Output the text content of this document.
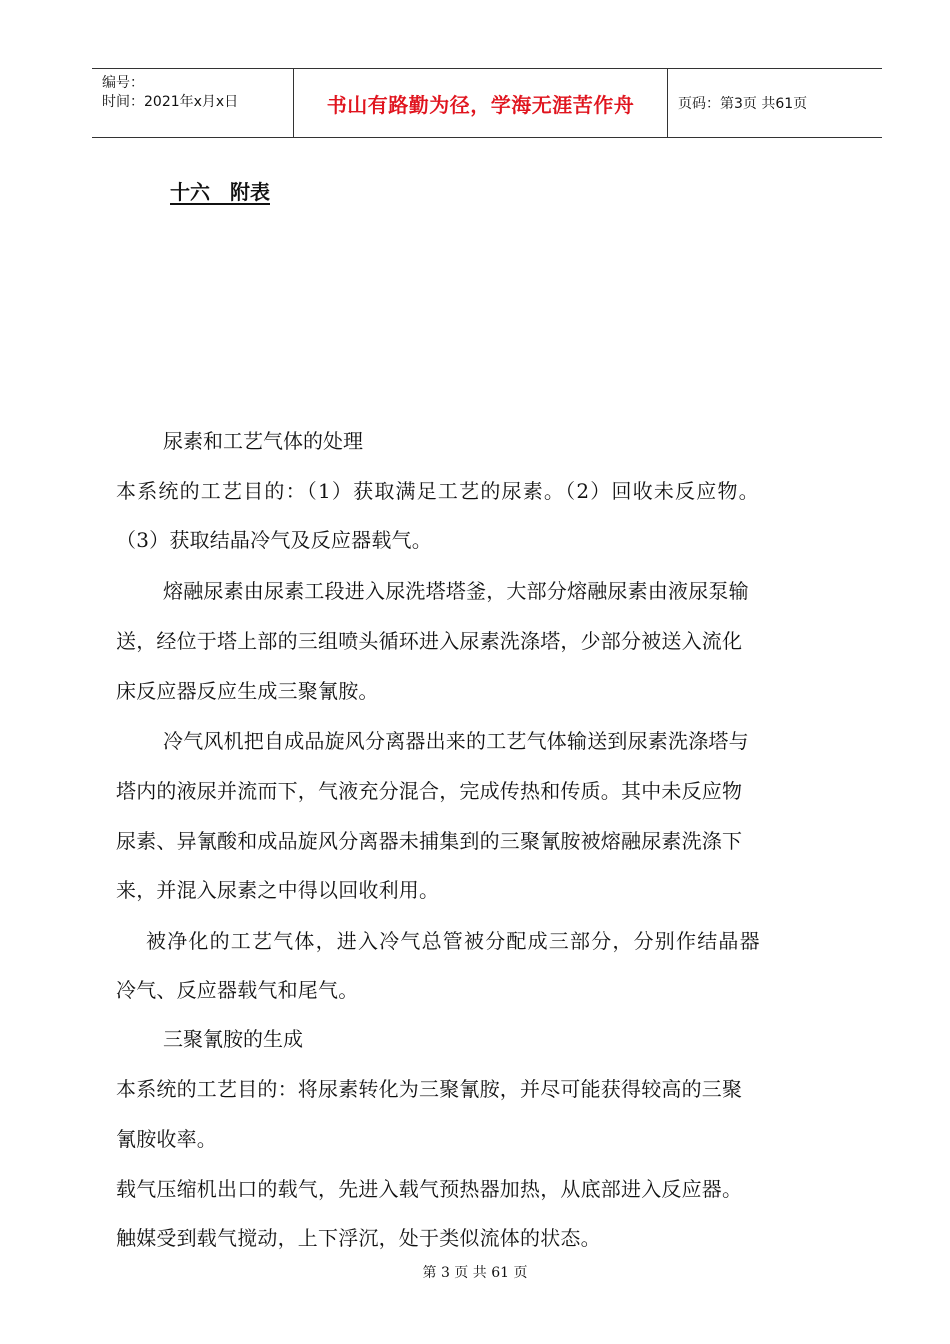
编号：
时间：2021年x月x日	书山有路勤为径，学海无涯苦作舟	页码：第3页 共61页
十六　附表
尿素和工艺气体的处理
本系统的工艺目的：（1）获取满足工艺的尿素。（2）回收未反应物。
（3）获取结晶冷气及反应器载气。
熔融尿素由尿素工段进入尿洗塔塔釜，大部分熔融尿素由液尿泵输
送，经位于塔上部的三组喷头循环进入尿素洗涤塔，少部分被送入流化
床反应器反应生成三聚氰胺。
冷气风机把自成品旋风分离器出来的工艺气体输送到尿素洗涤塔与
塔内的液尿并流而下，气液充分混合，完成传热和传质。其中未反应物
尿素、异氰酸和成品旋风分离器未捕集到的三聚氰胺被熔融尿素洗涤下
来，并混入尿素之中得以回收利用。
被净化的工艺气体，进入冷气总管被分配成三部分，分别作结晶器
冷气、反应器载气和尾气。
三聚氰胺的生成
本系统的工艺目的：将尿素转化为三聚氰胺，并尽可能获得较高的三聚
氰胺收率。
载气压缩机出口的载气，先进入载气预热器加热，从底部进入反应器。
触媒受到载气搅动，上下浮沉，处于类似流体的状态。
第 3 页 共 61 页
